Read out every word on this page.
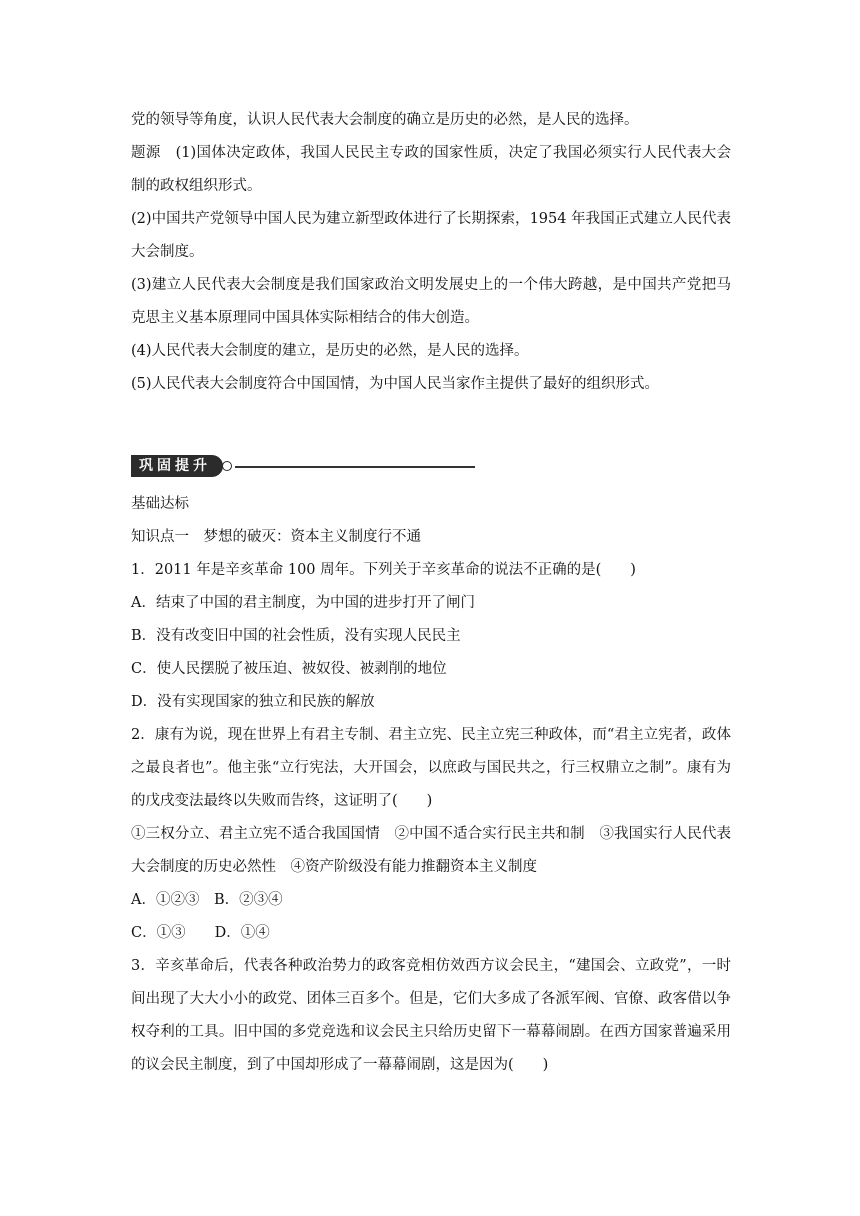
党的领导等角度，认识人民代表大会制度的确立是历史的必然，是人民的选择。

题源　 (1)国体决定政体，我国人民民主专政的国家性质，决定了我国必须实行人民代表大会制的政权组织形式。

(2)中国共产党领导中国人民为建立新型政体进行了长期探索，1954 年我国正式建立人民代表大会制度。

(3)建立人民代表大会制度是我们国家政治文明发展史上的一个伟大跨越，是中国共产党把马克思主义基本原理同中国具体实际相结合的伟大创造。

(4)人民代表大会制度的建立，是历史的必然，是人民的选择。

(5)人民代表大会制度符合中国国情，为中国人民当家作主提供了最好的组织形式。

巩固提升

基础达标

知识点一　梦想的破灭：资本主义制度行不通

1．2011 年是辛亥革命 100 周年。下列关于辛亥革命的说法不正确的是(　　)

A．结束了中国的君主制度，为中国的进步打开了闸门

B．没有改变旧中国的社会性质，没有实现人民民主

C．使人民摆脱了被压迫、被奴役、被剥削的地位

D．没有实现国家的独立和民族的解放

2．康有为说，现在世界上有君主专制、君主立宪、民主立宪三种政体，而“君主立宪者，政体之最良者也”。他主张“立行宪法，大开国会，以庶政与国民共之，行三权鼎立之制”。康有为的戊戌变法最终以失败而告终，这证明了(　　)

①三权分立、君主立宪不适合我国国情　②中国不适合实行民主共和制　③我国实行人民代表大会制度的历史必然性　④资产阶级没有能力推翻资本主义制度

A．①②③　B．②③④

C．①③　　D．①④

3．辛亥革命后，代表各种政治势力的政客竞相仿效西方议会民主，“建国会、立政党”，一时间出现了大大小小的政党、团体三百多个。但是，它们大多成了各派军阀、官僚、政客借以争权夺利的工具。旧中国的多党竞选和议会民主只给历史留下一幕幕闹剧。在西方国家普遍采用的议会民主制度，到了中国却形成了一幕幕闹剧，这是因为(　　)
